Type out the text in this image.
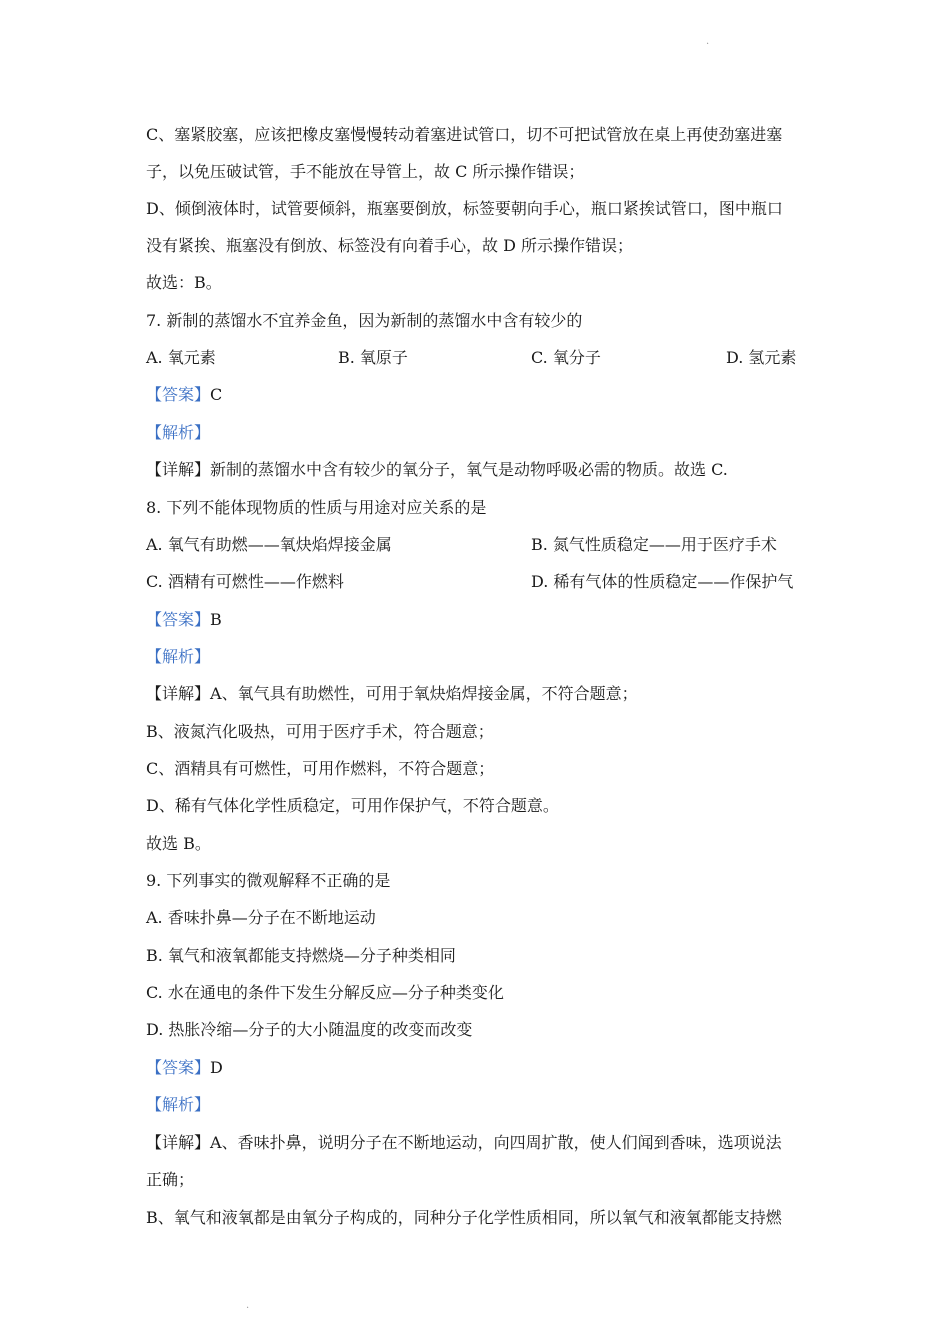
.
C、塞紧胶塞，应该把橡皮塞慢慢转动着塞进试管口，切不可把试管放在桌上再使劲塞进塞
子，以免压破试管，手不能放在导管上，故 C 所示操作错误；
D、倾倒液体时，试管要倾斜，瓶塞要倒放，标签要朝向手心，瓶口紧挨试管口，图中瓶口
没有紧挨、瓶塞没有倒放、标签没有向着手心，故 D 所示操作错误；
故选：B。
7. 新制的蒸馏水不宜养金鱼，因为新制的蒸馏水中含有较少的
A. 氧元素	B. 氧原子	C. 氧分子	D. 氢元素
【答案】C
【解析】
【详解】新制的蒸馏水中含有较少的氧分子，氧气是动物呼吸必需的物质。故选 C.
8. 下列不能体现物质的性质与用途对应关系的是
A. 氧气有助燃——氧炔焰焊接金属	B. 氮气性质稳定——用于医疗手术
C. 酒精有可燃性——作燃料	D. 稀有气体的性质稳定——作保护气
【答案】B
【解析】
【详解】A、氧气具有助燃性，可用于氧炔焰焊接金属，不符合题意；
B、液氮汽化吸热，可用于医疗手术，符合题意；
C、酒精具有可燃性，可用作燃料，不符合题意；
D、稀有气体化学性质稳定，可用作保护气，不符合题意。
故选 B。
9. 下列事实的微观解释不正确的是
A. 香味扑鼻—分子在不断地运动
B. 氧气和液氧都能支持燃烧—分子种类相同
C. 水在通电的条件下发生分解反应—分子种类变化
D. 热胀冷缩—分子的大小随温度的改变而改变
【答案】D
【解析】
【详解】A、香味扑鼻，说明分子在不断地运动，向四周扩散，使人们闻到香味，选项说法
正确；
B、氧气和液氧都是由氧分子构成的，同种分子化学性质相同，所以氧气和液氧都能支持燃
.
